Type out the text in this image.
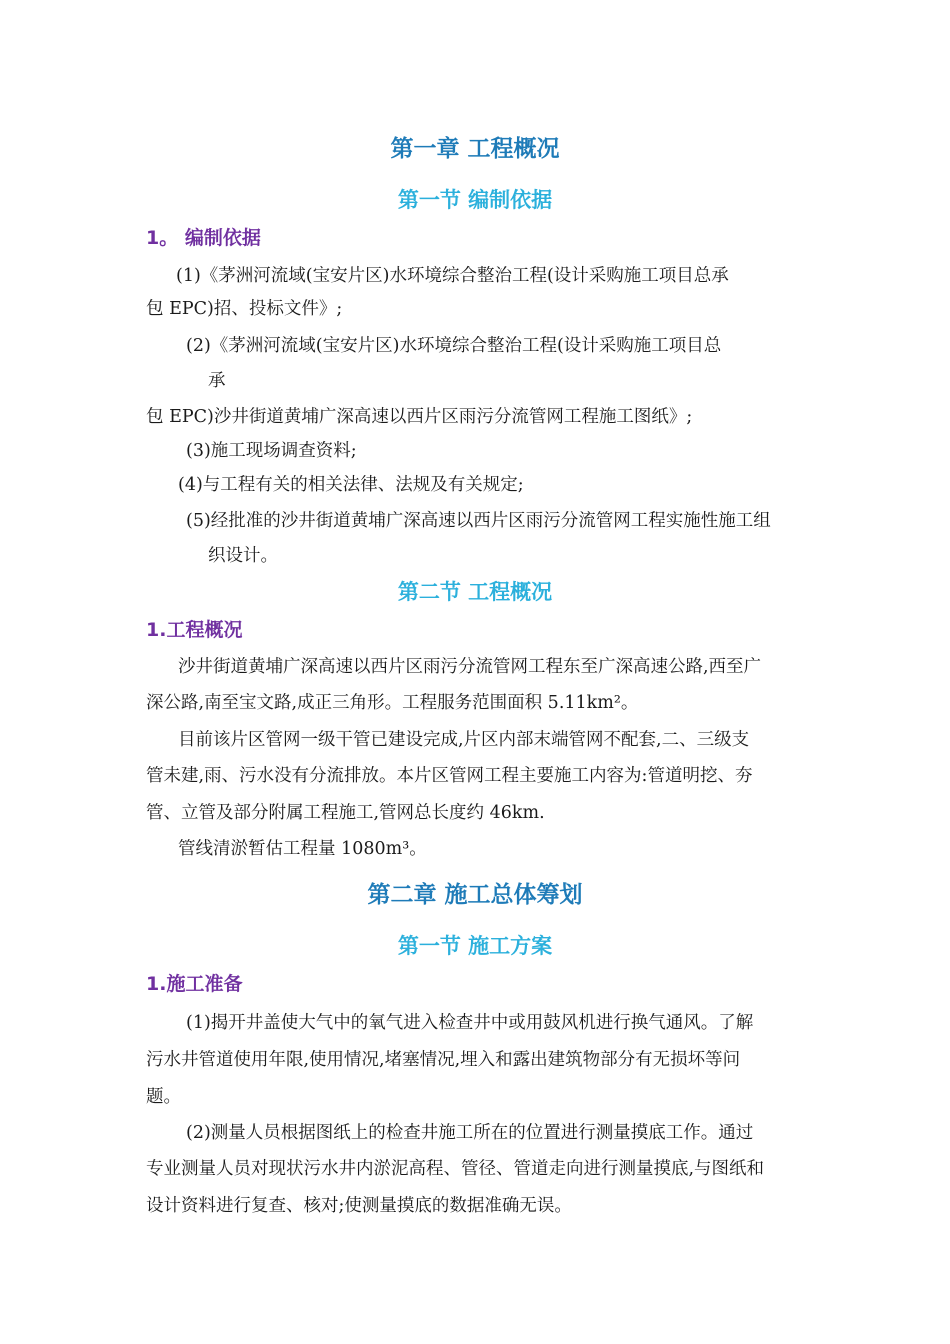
第一章 工程概况
第一节 编制依据
1。 编制依据
(1)《茅洲河流域(宝安片区)水环境综合整治工程(设计采购施工项目总承
包 EPC)招、投标文件》;
(2)《茅洲河流域(宝安片区)水环境综合整治工程(设计采购施工项目总
承
包 EPC)沙井街道黄埔广深高速以西片区雨污分流管网工程施工图纸》;
(3)施工现场调查资料;
(4)与工程有关的相关法律、法规及有关规定;
(5)经批准的沙井街道黄埔广深高速以西片区雨污分流管网工程实施性施工组
织设计。
第二节 工程概况
1.工程概况
沙井街道黄埔广深高速以西片区雨污分流管网工程东至广深高速公路,西至广
深公路,南至宝文路,成正三角形。工程服务范围面积 5.11km²。
目前该片区管网一级干管已建设完成,片区内部末端管网不配套,二、三级支
管未建,雨、污水没有分流排放。本片区管网工程主要施工内容为:管道明挖、夯
管、立管及部分附属工程施工,管网总长度约 46km.
管线清淤暂估工程量 1080m³。
第二章 施工总体筹划
第一节 施工方案
1.施工准备
(1)揭开井盖使大气中的氧气进入检查井中或用鼓风机进行换气通风。了解
污水井管道使用年限,使用情况,堵塞情况,埋入和露出建筑物部分有无损坏等问
题。
(2)测量人员根据图纸上的检查井施工所在的位置进行测量摸底工作。通过
专业测量人员对现状污水井内淤泥高程、管径、管道走向进行测量摸底,与图纸和
设计资料进行复查、核对;使测量摸底的数据准确无误。
